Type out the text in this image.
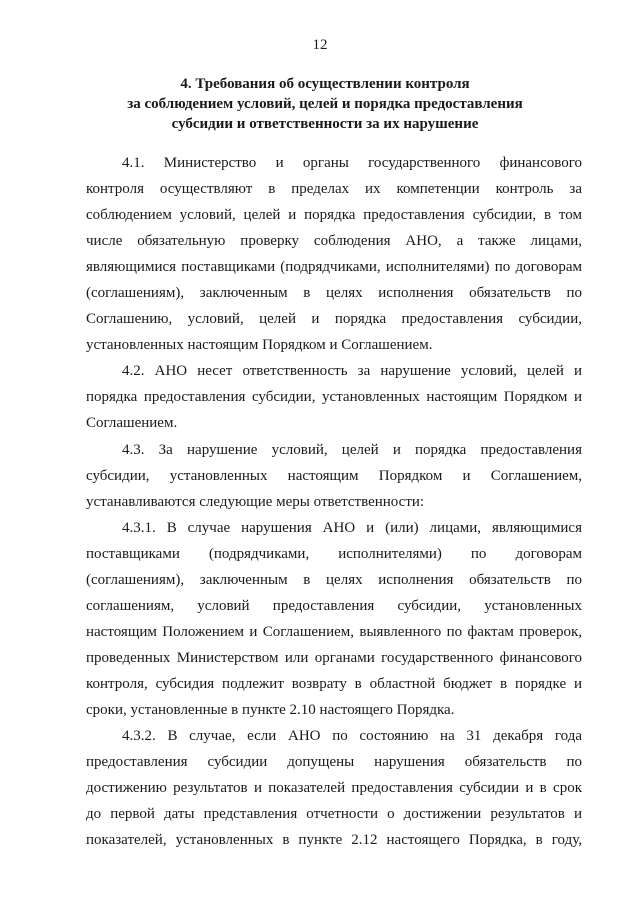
12
4. Требования об осуществлении контроля
за соблюдением условий, целей и порядка предоставления
субсидии и ответственности за их нарушение
4.1. Министерство и органы государственного финансового
контроля осуществляют в пределах их компетенции контроль за
соблюдением условий, целей и порядка предоставления субсидии, в том
числе обязательную проверку соблюдения АНО, а также лицами,
являющимися поставщиками (подрядчиками, исполнителями) по договорам
(соглашениям), заключенным в целях исполнения обязательств по
Соглашению, условий, целей и порядка предоставления субсидии,
установленных настоящим Порядком и Соглашением.
4.2. АНО несет ответственность за нарушение условий, целей и
порядка предоставления субсидии, установленных настоящим Порядком и
Соглашением.
4.3. За нарушение условий, целей и порядка предоставления
субсидии, установленных настоящим Порядком и Соглашением,
устанавливаются следующие меры ответственности:
4.3.1. В случае нарушения АНО и (или) лицами, являющимися
поставщиками (подрядчиками, исполнителями) по договорам
(соглашениям), заключенным в целях исполнения обязательств по
соглашениям, условий предоставления субсидии, установленных
настоящим Положением и Соглашением, выявленного по фактам проверок,
проведенных Министерством или органами государственного финансового
контроля, субсидия подлежит возврату в областной бюджет в порядке и
сроки, установленные в пункте 2.10 настоящего Порядка.
4.3.2. В случае, если АНО по состоянию на 31 декабря года
предоставления субсидии допущены нарушения обязательств по
достижению результатов и показателей предоставления субсидии и в срок
до первой даты представления отчетности о достижении результатов и
показателей, установленных в пункте 2.12 настоящего Порядка, в году,
